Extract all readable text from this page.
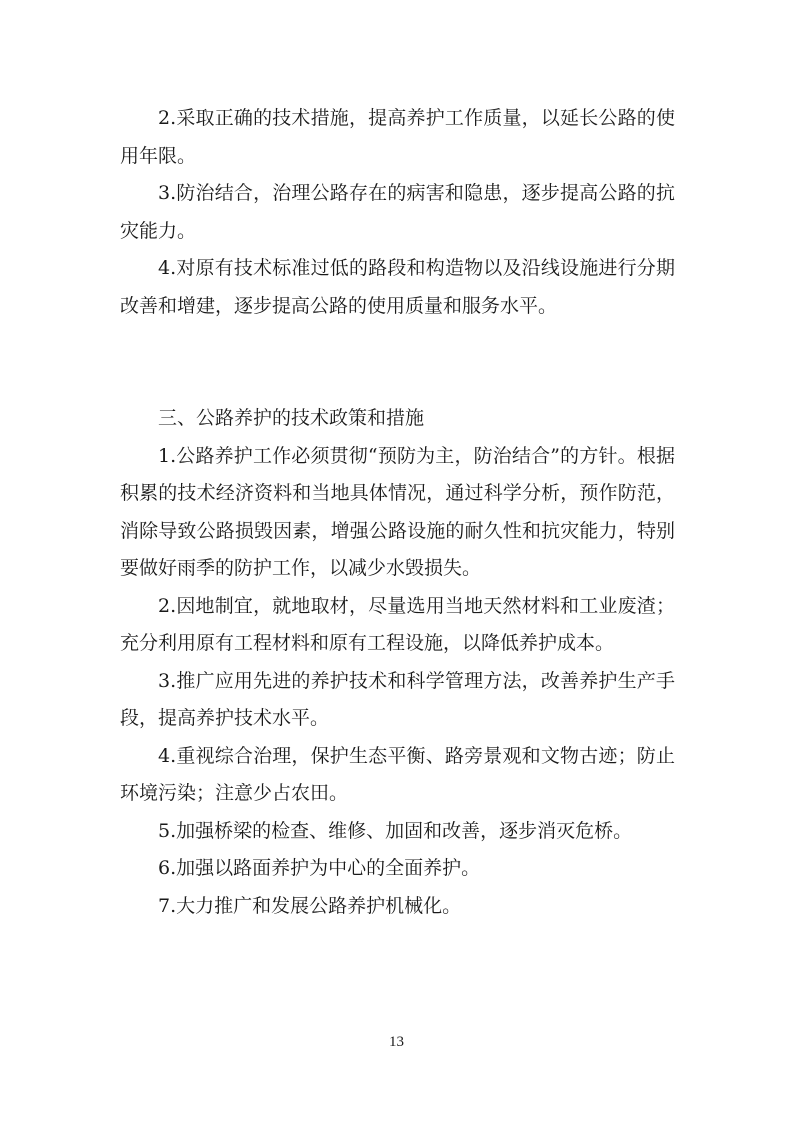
2.采取正确的技术措施，提高养护工作质量，以延长公路的使用年限。

3.防治结合，治理公路存在的病害和隐患，逐步提高公路的抗灾能力。

4.对原有技术标准过低的路段和构造物以及沿线设施进行分期改善和增建，逐步提高公路的使用质量和服务水平。

三、公路养护的技术政策和措施

1.公路养护工作必须贯彻“预防为主，防治结合”的方针。根据积累的技术经济资料和当地具体情况，通过科学分析，预作防范，消除导致公路损毁因素，增强公路设施的耐久性和抗灾能力，特别要做好雨季的防护工作，以减少水毁损失。

2.因地制宜，就地取材，尽量选用当地天然材料和工业废渣；充分利用原有工程材料和原有工程设施，以降低养护成本。

3.推广应用先进的养护技术和科学管理方法，改善养护生产手段，提高养护技术水平。

4.重视综合治理，保护生态平衡、路旁景观和文物古迹；防止环境污染；注意少占农田。

5.加强桥梁的检查、维修、加固和改善，逐步消灭危桥。

6.加强以路面养护为中心的全面养护。

7.大力推广和发展公路养护机械化。

13
